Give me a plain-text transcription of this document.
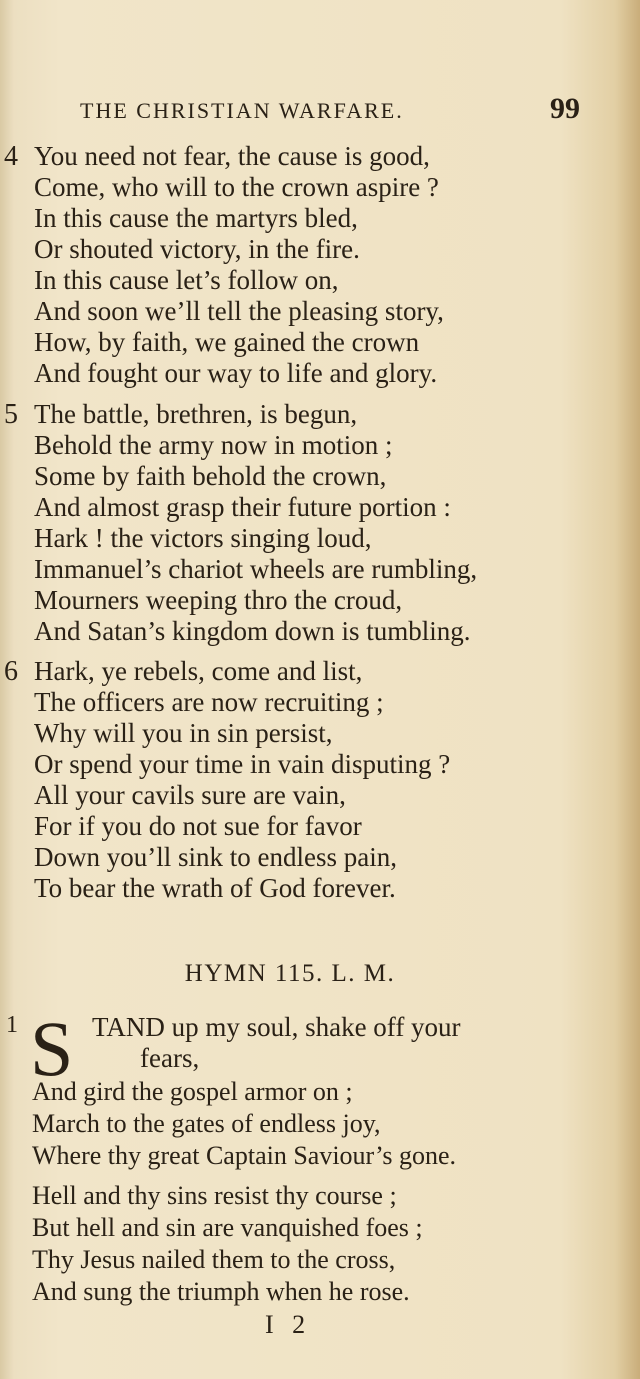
THE CHRISTIAN WARFARE.	99
4 You need not fear, the cause is good,
Come, who will to the crown aspire ?
In this cause the martyrs bled,
Or shouted victory, in the fire.
In this cause let’s follow on,
And soon we’ll tell the pleasing story,
How, by faith, we gained the crown
And fought our way to life and glory.
5 The battle, brethren, is begun,
Behold the army now in motion ;
Some by faith behold the crown,
And almost grasp their future portion :
Hark ! the victors singing loud,
Immanuel’s chariot wheels are rumbling,
Mourners weeping thro the croud,
And Satan’s kingdom down is tumbling.
6 Hark, ye rebels, come and list,
The officers are now recruiting ;
Why will you in sin persist,
Or spend your time in vain disputing ?
All your cavils sure are vain,
For if you do not sue for favor
Down you’ll sink to endless pain,
To bear the wrath of God forever.
HYMN 115. L. M.
1 S TAND up my soul, shake off your
fears,
And gird the gospel armor on ;
March to the gates of endless joy,
Where thy great Captain Saviour’s gone.
Hell and thy sins resist thy course ;
But hell and sin are vanquished foes ;
Thy Jesus nailed them to the cross,
And sung the triumph when he rose.
I 2
